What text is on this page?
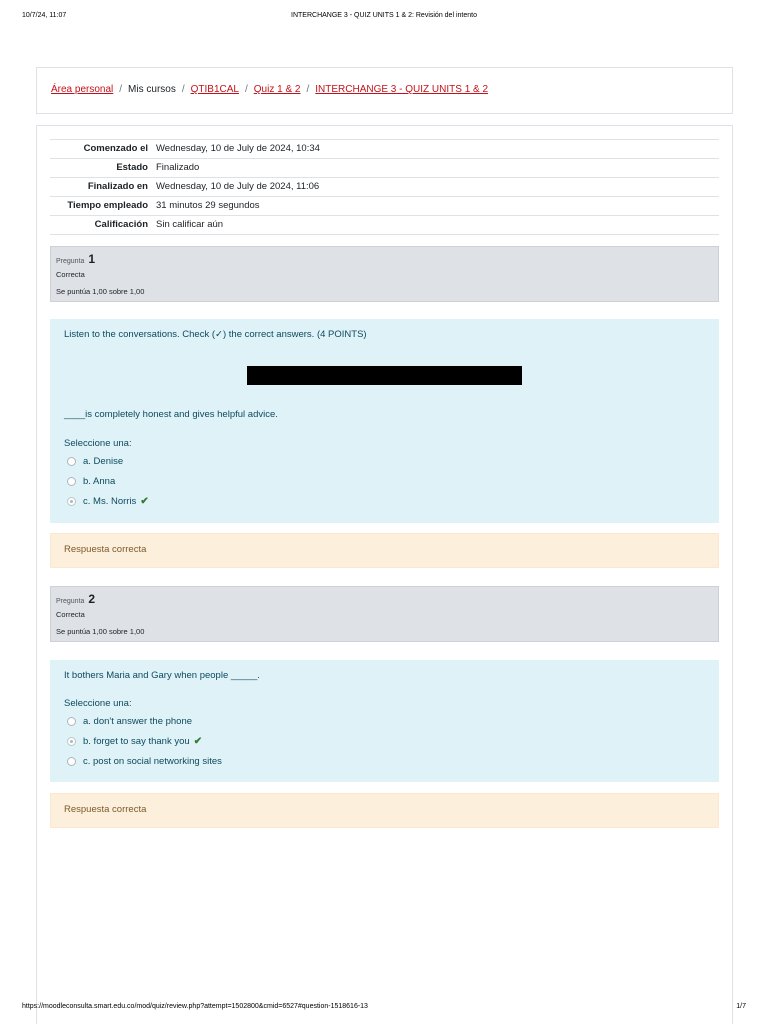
10/7/24, 11:07	INTERCHANGE 3 - QUIZ UNITS 1 & 2: Revisión del intento
Área personal / Mis cursos / QTIB1CAL / Quiz 1 & 2 / INTERCHANGE 3 - QUIZ UNITS 1 & 2
Comenzado el	Wednesday, 10 de July de 2024, 10:34
Estado	Finalizado
Finalizado en	Wednesday, 10 de July de 2024, 11:06
Tiempo empleado	31 minutos 29 segundos
Calificación	Sin calificar aún
Pregunta 1
Correcta
Se puntúa 1,00 sobre 1,00
Listen to the conversations. Check (✓) the correct answers. (4 POINTS)
____is completely honest and gives helpful advice.
Seleccione una:
a. Denise
b. Anna
c. Ms. Norris ✔
Respuesta correcta
Pregunta 2
Correcta
Se puntúa 1,00 sobre 1,00
It bothers Maria and Gary when people _____.
Seleccione una:
a. don't answer the phone
b. forget to say thank you ✔
c. post on social networking sites
Respuesta correcta
https://moodleconsulta.smart.edu.co/mod/quiz/review.php?attempt=1502800&cmid=6527#question-1518616-13	1/7
